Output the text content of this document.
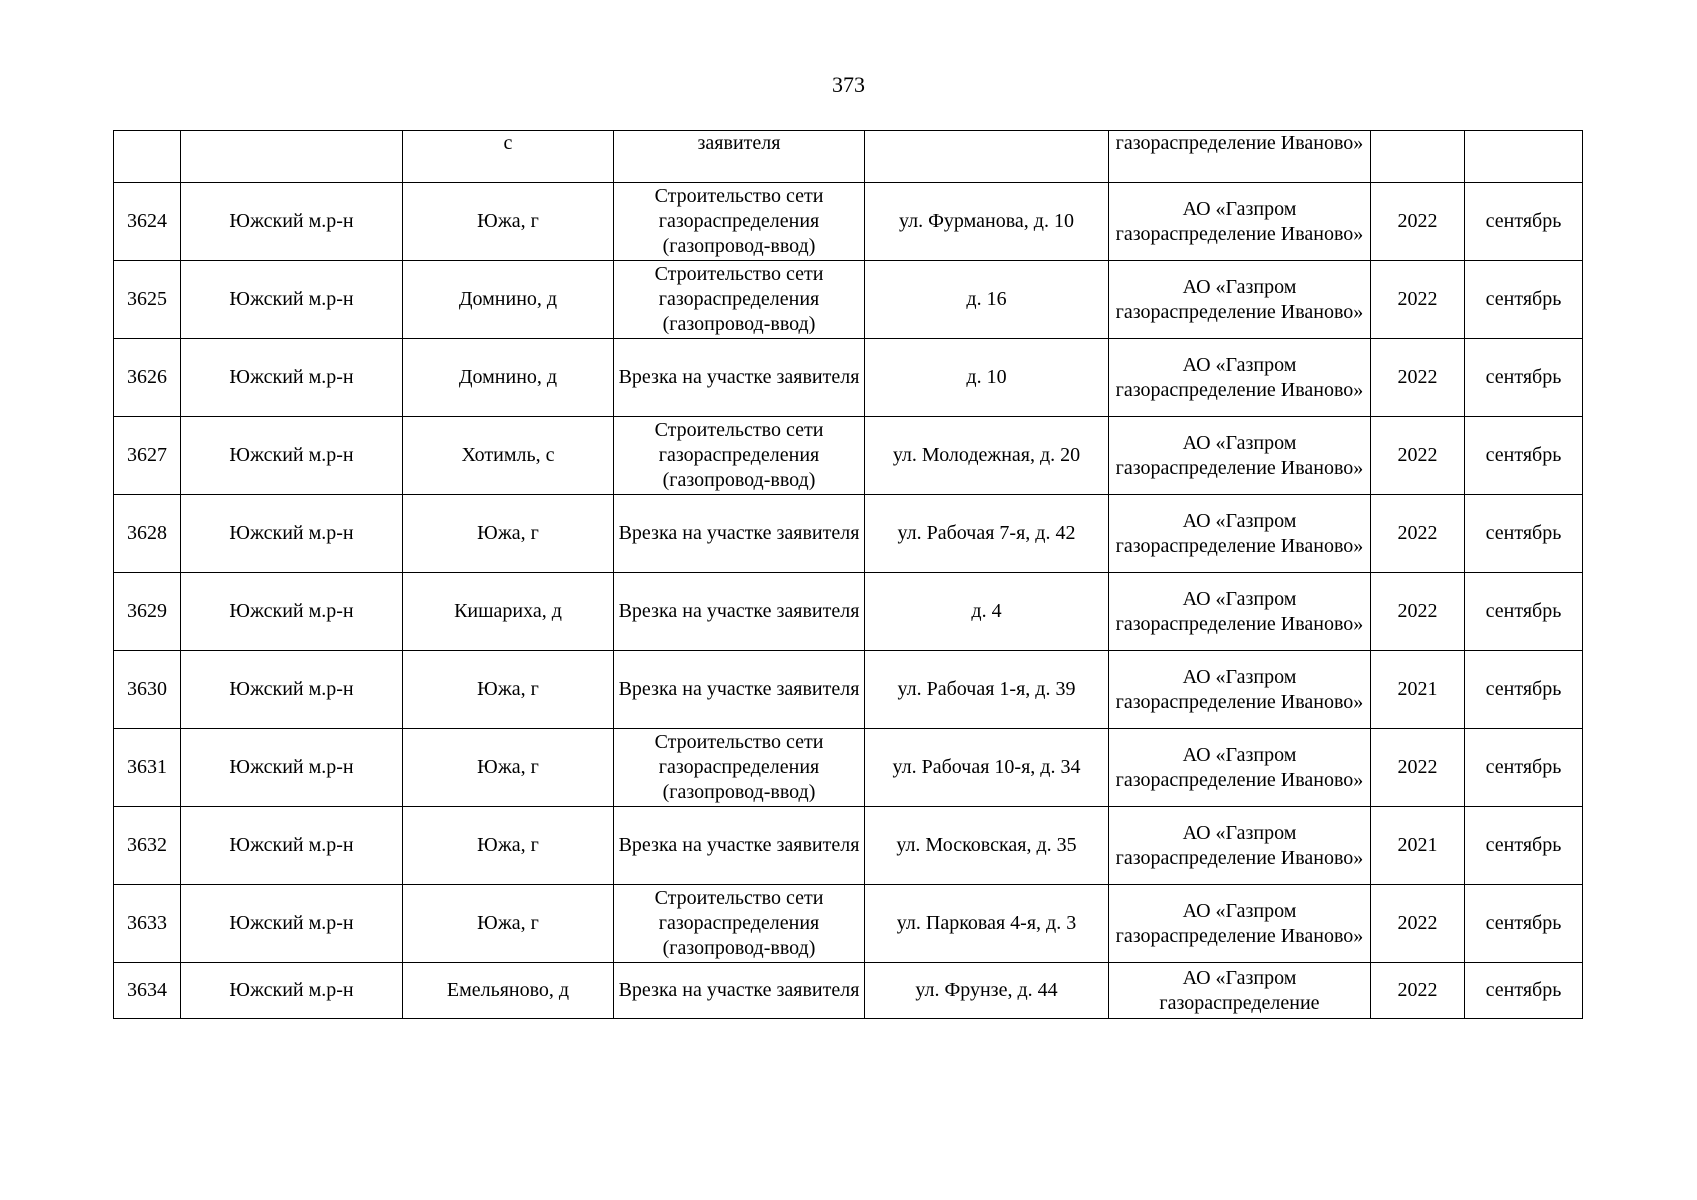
373
		с	заявителя		газораспределение Иваново»		
3624	Южский м.р-н	Южа, г	Строительство сети газораспределения (газопровод-ввод)	ул. Фурманова, д. 10	АО «Газпром газораспределение Иваново»	2022	сентябрь
3625	Южский м.р-н	Домнино, д	Строительство сети газораспределения (газопровод-ввод)	д. 16	АО «Газпром газораспределение Иваново»	2022	сентябрь
3626	Южский м.р-н	Домнино, д	Врезка на участке заявителя	д. 10	АО «Газпром газораспределение Иваново»	2022	сентябрь
3627	Южский м.р-н	Хотимль, с	Строительство сети газораспределения (газопровод-ввод)	ул. Молодежная, д. 20	АО «Газпром газораспределение Иваново»	2022	сентябрь
3628	Южский м.р-н	Южа, г	Врезка на участке заявителя	ул. Рабочая 7-я, д. 42	АО «Газпром газораспределение Иваново»	2022	сентябрь
3629	Южский м.р-н	Кишариха, д	Врезка на участке заявителя	д. 4	АО «Газпром газораспределение Иваново»	2022	сентябрь
3630	Южский м.р-н	Южа, г	Врезка на участке заявителя	ул. Рабочая 1-я, д. 39	АО «Газпром газораспределение Иваново»	2021	сентябрь
3631	Южский м.р-н	Южа, г	Строительство сети газораспределения (газопровод-ввод)	ул. Рабочая 10-я, д. 34	АО «Газпром газораспределение Иваново»	2022	сентябрь
3632	Южский м.р-н	Южа, г	Врезка на участке заявителя	ул. Московская, д. 35	АО «Газпром газораспределение Иваново»	2021	сентябрь
3633	Южский м.р-н	Южа, г	Строительство сети газораспределения (газопровод-ввод)	ул. Парковая 4-я, д. 3	АО «Газпром газораспределение Иваново»	2022	сентябрь
3634	Южский м.р-н	Емельяново, д	Врезка на участке заявителя	ул. Фрунзе, д. 44	АО «Газпром газораспределение	2022	сентябрь
